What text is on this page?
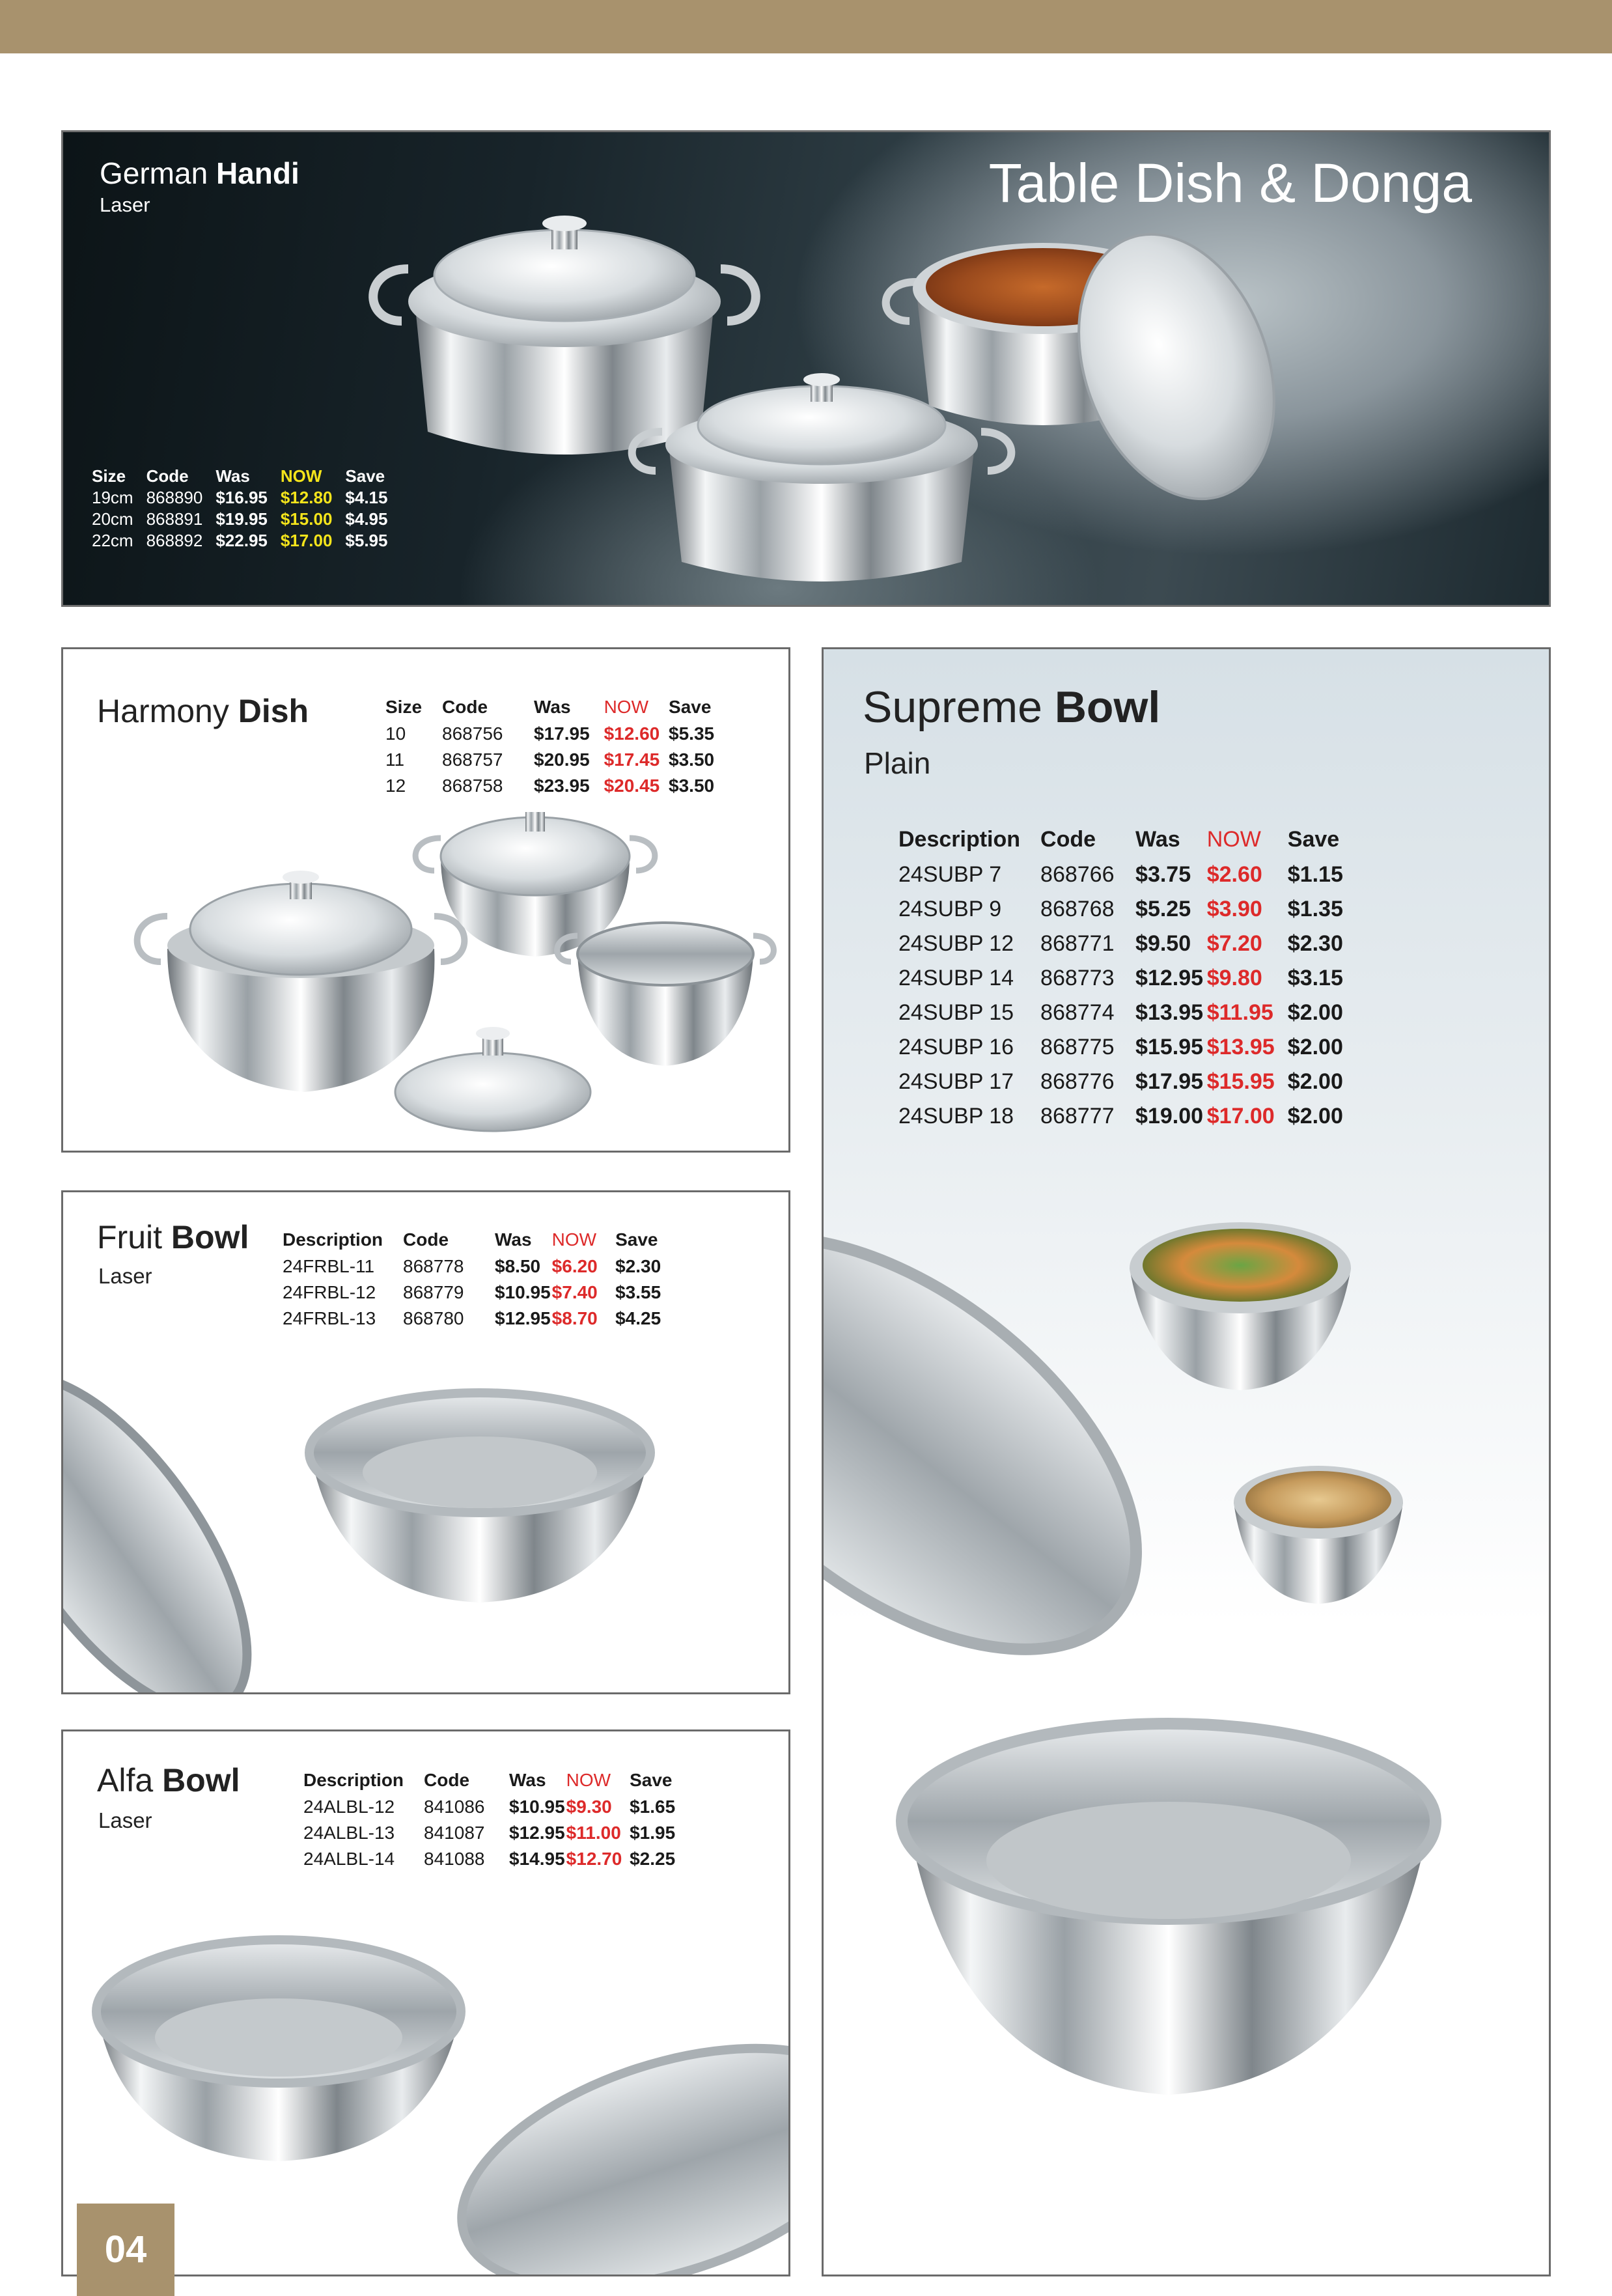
German Handi
Laser	Table Dish & Donga
Size	Code	Was	NOW	Save
19cm	868890	$16.95	$12.80	$4.15
20cm	868891	$19.95	$15.00	$4.95
22cm	868892	$22.95	$17.00	$5.95
Harmony Dish	Size	Code	Was	NOW	Save
10	868756	$17.95	$12.60	$5.35
11	868757	$20.95	$17.45	$3.50
12	868758	$23.95	$20.45	$3.50
Fruit Bowl
Laser
Description	Code	Was	NOW	Save
24FRBL-11	868778	$8.50	$6.20	$2.30
24FRBL-12	868779	$10.95	$7.40	$3.55
24FRBL-13	868780	$12.95	$8.70	$4.25
Alfa Bowl
Laser
Description	Code	Was	NOW	Save
24ALBL-12	841086	$10.95	$9.30	$1.65
24ALBL-13	841087	$12.95	$11.00	$1.95
24ALBL-14	841088	$14.95	$12.70	$2.25
Supreme Bowl
Plain
Description	Code	Was	NOW	Save
24SUBP 7	868766	$3.75	$2.60	$1.15
24SUBP 9	868768	$5.25	$3.90	$1.35
24SUBP 12	868771	$9.50	$7.20	$2.30
24SUBP 14	868773	$12.95	$9.80	$3.15
24SUBP 15	868774	$13.95	$11.95	$2.00
24SUBP 16	868775	$15.95	$13.95	$2.00
24SUBP 17	868776	$17.95	$15.95	$2.00
24SUBP 18	868777	$19.00	$17.00	$2.00
04
